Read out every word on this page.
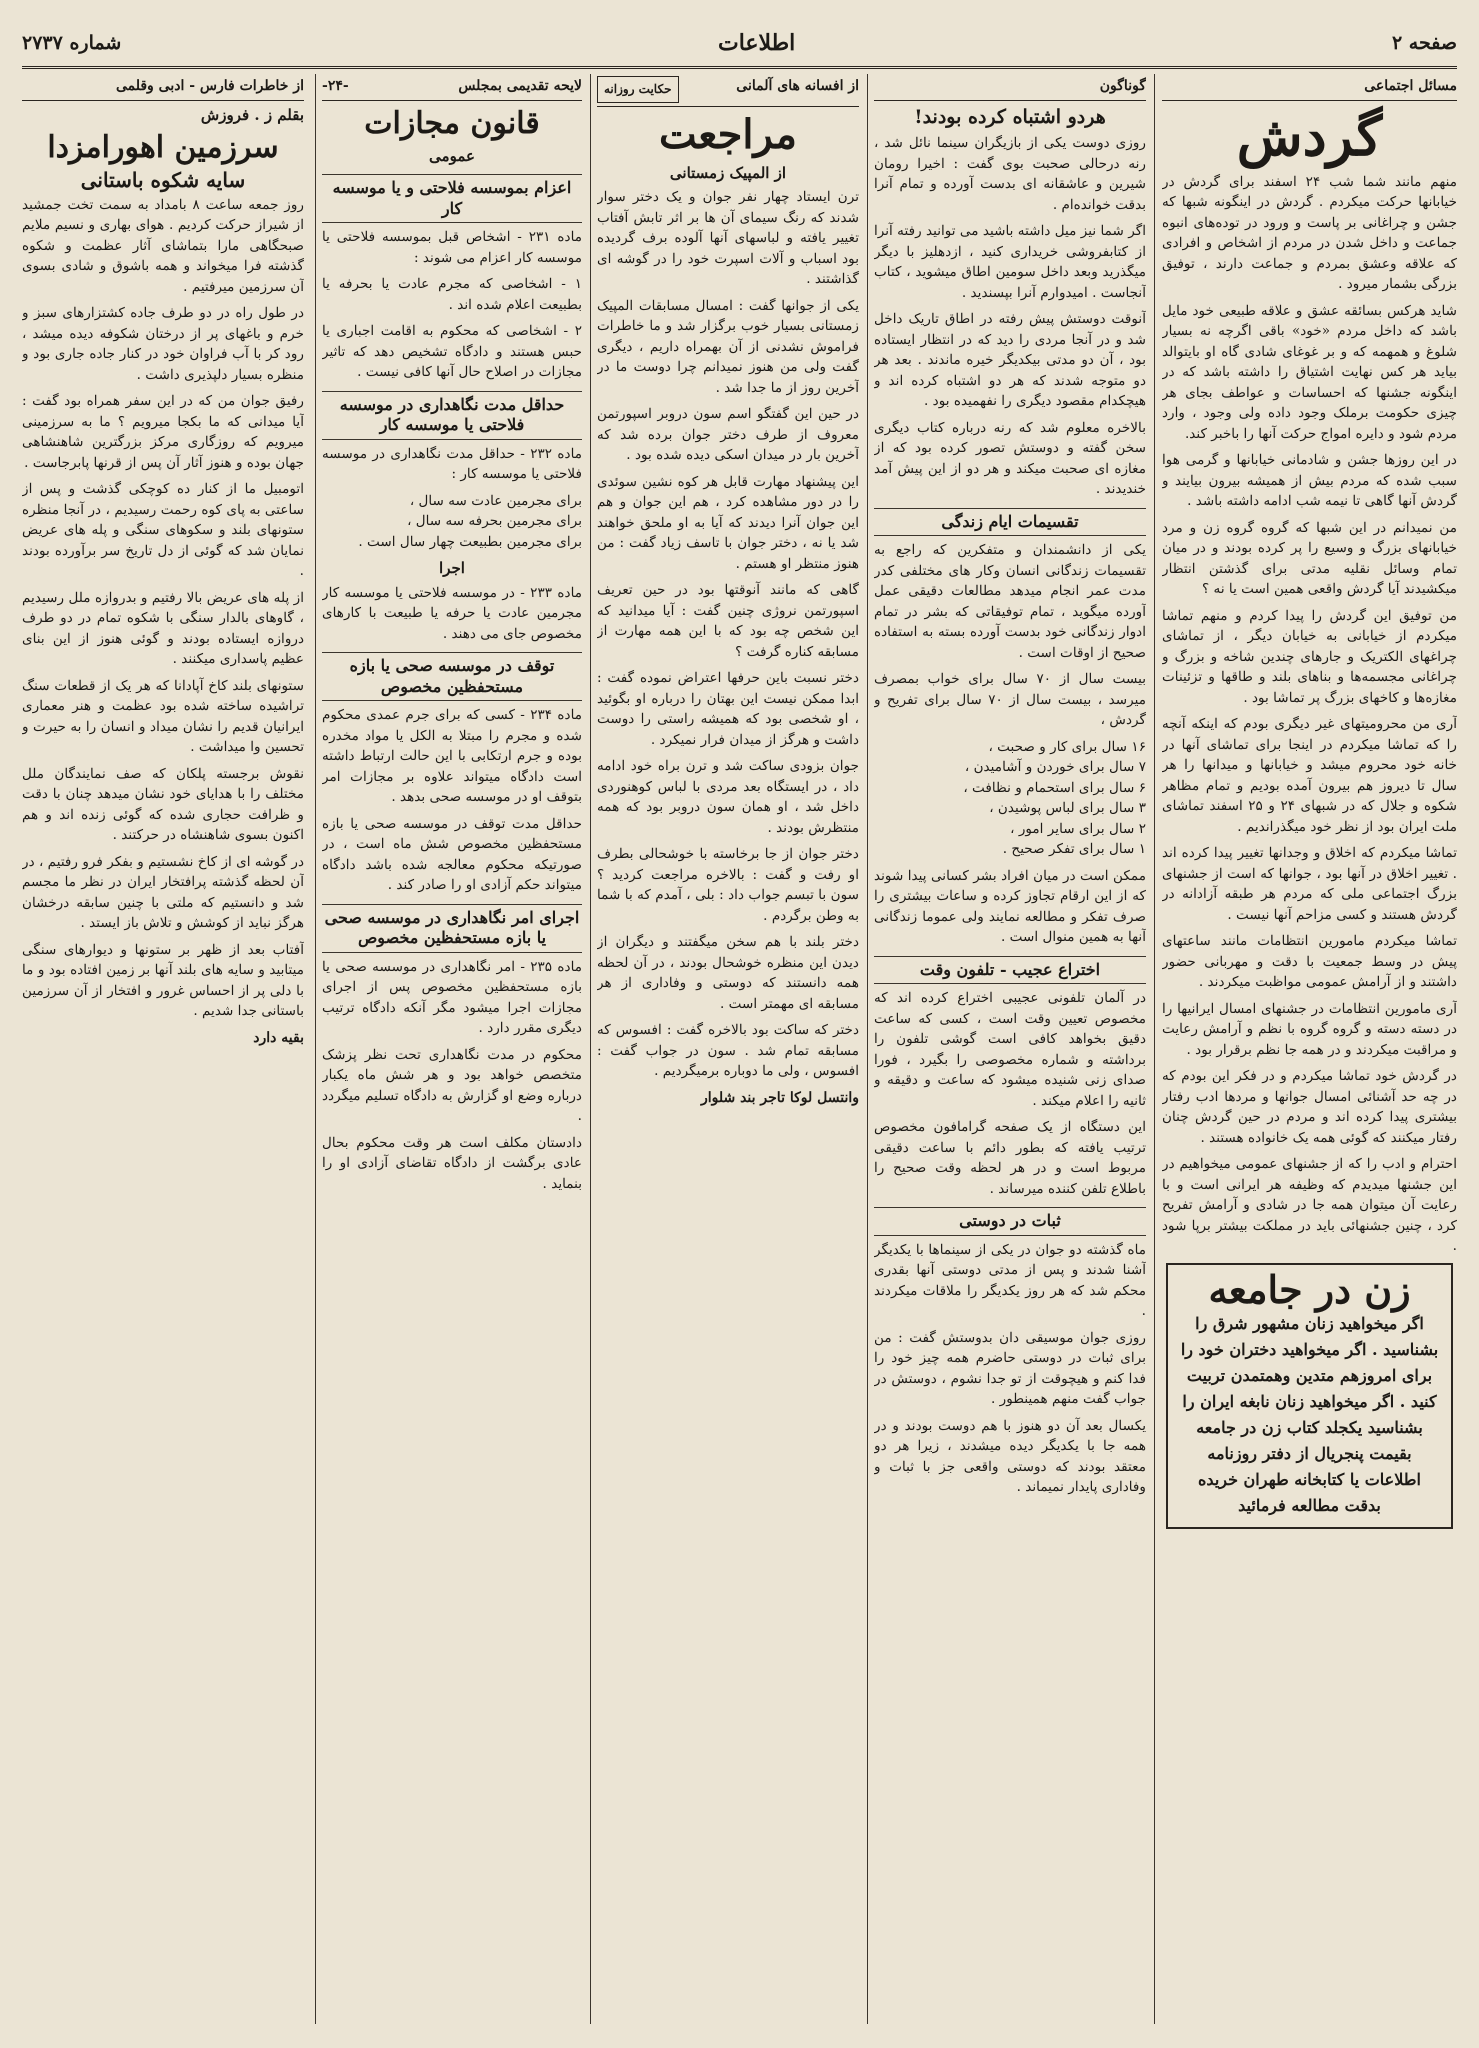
صفحه ۲
اطلاعات
شماره ۲۷۳۷
مسائل اجتماعی
گردش

منهم مانند شما شب ۲۴ اسفند برای گردش در خیابانها حرکت میکردم . گردش در اینگونه شبها که جشن و چراغانی بر پاست و ورود در توده‌های انبوه جماعت و داخل شدن در مردم از اشخاص و افرادی که علاقه وعشق بمردم و جماعت دارند ، توفیق بزرگی بشمار میرود .

شاید هرکس بسائقه عشق و علاقه طبیعی خود مایل باشد که داخل مردم «خود» باقی اگرچه نه بسیار شلوغ و همهمه که و بر غوغای شادی گاه او بایتوالد بیاید هر کس نهایت اشتیاق را داشته باشد که در اینگونه جشنها که احساسات و عواطف بجای هر چیزی حکومت برملک وجود داده ولی وجود ، وارد مردم شود و دایره امواج حرکت آنها را باخبر کند.

در این روزها جشن و شادمانی خیابانها و گرمی هوا سبب شده که مردم بیش از همیشه بیرون بیایند و گردش آنها گاهی تا نیمه شب ادامه داشته باشد .

من نمیدانم در این شبها که گروه گروه زن و مرد خیابانهای بزرگ و وسیع را پر کرده بودند و در میان تمام وسائل نقلیه مدتی برای گذشتن انتظار میکشیدند آیا گردش واقعی همین است یا نه ؟

من توفیق این گردش را پیدا کردم و منهم تماشا میکردم از خیابانی به خیابان دیگر ، از تماشای چراغهای الکتریک و جارهای چندین شاخه و بزرگ و چراغانی مجسمه‌ها و بناهای بلند و طاقها و تزئینات مغازه‌ها و کاخهای بزرگ پر تماشا بود .

آری من محرومیتهای غیر دیگری بودم که اینکه آنچه را که تماشا میکردم در اینجا برای تماشای آنها در خانه خود محروم میشد و خیابانها و میدانها را هر سال تا دیروز هم بیرون آمده بودیم و تمام مظاهر شکوه و جلال که در شبهای ۲۴ و ۲۵ اسفند تماشای ملت ایران بود از نظر خود میگذراندیم .

تماشا میکردم که اخلاق و وجدانها تغییر پیدا کرده اند . تغییر اخلاق در آنها بود ، جوانها که است از جشنهای بزرگ اجتماعی ملی که مردم هر طبقه آزادانه در گردش هستند و کسی مزاحم آنها نیست .

تماشا میکردم مامورین انتظامات مانند ساعتهای پیش در وسط جمعیت با دقت و مهربانی حضور داشتند و از آرامش عمومی مواظبت میکردند .

آری مامورین انتظامات در جشنهای امسال ایرانیها را در دسته دسته و گروه گروه با نظم و آرامش رعایت و مراقبت میکردند و در همه جا نظم برقرار بود .

در گردش خود تماشا میکردم و در فکر این بودم که در چه حد آشنائی امسال جوانها و مردها ادب رفتار بیشتری پیدا کرده اند و مردم در حین گردش چنان رفتار میکنند که گوئی همه یک خانواده هستند .

احترام و ادب را که از جشنهای عمومی میخواهیم در این جشنها میدیدم که وظیفه هر ایرانی است و با رعایت آن میتوان همه جا در شادی و آرامش تفریح کرد ، چنین جشنهائی باید در مملکت بیشتر برپا شود .

زن در جامعه
اگر میخواهید زنان مشهور شرق را بشناسید . اگر میخواهید دختران خود را برای امروزهم متدین وهمتمدن تربیت کنید . اگر میخواهید زنان نابغه ایران را بشناسید یکجلد کتاب زن در جامعه بقیمت پنجریال از دفتر روزنامه اطلاعات یا کتابخانه طهران خریده بدقت مطالعه فرمائید
گوناگون
هردو اشتباه کرده بودند!

روزی دوست یکی از بازیگران سینما نائل شد ، رنه درحالی صحبت بوی گفت : اخیرا رومان شیرین و عاشقانه ای بدست آورده و تمام آنرا بدقت خوانده‌ام .

اگر شما نیز میل داشته باشید می توانید رفته آنرا از کتابفروشی خریداری کنید ، ازدهلیز با دیگر میگذرید وبعد داخل سومین اطاق میشوید ، کتاب آنجاست . امیدوارم آنرا بپسندید .

آنوقت دوستش پیش رفته در اطاق تاریک داخل شد و در آنجا مردی را دید که در انتظار ایستاده بود ، آن دو مدتی بیکدیگر خیره ماندند . بعد هر دو متوجه شدند که هر دو اشتباه کرده اند و هیچکدام مقصود دیگری را نفهمیده بود .

بالاخره معلوم شد که رنه درباره کتاب دیگری سخن گفته و دوستش تصور کرده بود که از مغازه ای صحبت میکند و هر دو از این پیش آمد خندیدند .

تقسیمات ایام زندگی

یکی از دانشمندان و متفکرین که راجع به تقسیمات زندگانی انسان وکار های مختلفی کدر مدت عمر انجام میدهد مطالعات دقیقی عمل آورده میگوید ، تمام توفیقاتی که بشر در تمام ادوار زندگانی خود بدست آورده بسته به استفاده صحیح از اوقات است .

بیست سال از ۷۰ سال برای خواب بمصرف میرسد ، بیست سال از ۷۰ سال برای تفریح و گردش ،

۱۶ سال برای کار و صحبت ،

۷ سال برای خوردن و آشامیدن ،

۶ سال برای استحمام و نظافت ،

۳ سال برای لباس پوشیدن ،

۲ سال برای سایر امور ،

۱ سال برای تفکر صحیح .

ممکن است در میان افراد بشر کسانی پیدا شوند که از این ارقام تجاوز کرده و ساعات بیشتری را صرف تفکر و مطالعه نمایند ولی عموما زندگانی آنها به همین منوال است .

اختراع عجیب - تلفون وقت

در آلمان تلفونی عجیبی اختراع کرده اند که مخصوص تعیین وقت است ، کسی که ساعت دقیق بخواهد کافی است گوشی تلفون را برداشته و شماره مخصوصی را بگیرد ، فورا صدای زنی شنیده میشود که ساعت و دقیقه و ثانیه را اعلام میکند .

این دستگاه از یک صفحه گرامافون مخصوص ترتیب یافته که بطور دائم با ساعت دقیقی مربوط است و در هر لحظه وقت صحیح را باطلاع تلفن کننده میرساند .

ثبات در دوستی

ماه گذشته دو جوان در یکی از سینماها با یکدیگر آشنا شدند و پس از مدتی دوستی آنها بقدری محکم شد که هر روز یکدیگر را ملاقات میکردند .

روزی جوان موسیقی دان بدوستش گفت : من برای ثبات در دوستی حاضرم همه چیز خود را فدا کنم و هیچوقت از تو جدا نشوم ، دوستش در جواب گفت منهم همینطور .

یکسال بعد آن دو هنوز با هم دوست بودند و در همه جا با یکدیگر دیده میشدند ، زیرا هر دو معتقد بودند که دوستی واقعی جز با ثبات و وفاداری پایدار نمیماند .

از افسانه های آلمانی
حکایت روزانه
مراجعت
از المپیک زمستانی

ترن ایستاد چهار نفر جوان و یک دختر سوار شدند که رنگ سیمای آن ها بر اثر تابش آفتاب تغییر یافته و لباسهای آنها آلوده برف گردیده بود اسباب و آلات اسپرت خود را در گوشه ای گذاشتند .

یکی از جوانها گفت : امسال مسابقات المپیک زمستانی بسیار خوب برگزار شد و ما خاطرات فراموش نشدنی از آن بهمراه داریم ، دیگری گفت ولی من هنوز نمیدانم چرا دوست ما در آخرین روز از ما جدا شد .

در حین این گفتگو اسم سون دروبر اسپورتمن معروف از طرف دختر جوان برده شد که آخرین بار در میدان اسکی دیده شده بود .

این پیشنهاد مهارت قابل هر کوه نشین سوئدی را در دور مشاهده کرد ، هم این جوان و هم این جوان آنرا دیدند که آیا به او ملحق خواهند شد یا نه ، دختر جوان با تاسف زیاد گفت : من هنوز منتظر او هستم .

گاهی که مانند آنوقتها بود در حین تعریف اسپورتمن نروژی چنین گفت : آیا میدانید که این شخص چه بود که با این همه مهارت از مسابقه کناره گرفت ؟

دختر نسبت باین حرفها اعتراض نموده گفت : ابدا ممکن نیست این بهتان را درباره او بگوئید ، او شخصی بود که همیشه راستی را دوست داشت و هرگز از میدان فرار نمیکرد .

جوان بزودی ساکت شد و ترن براه خود ادامه داد ، در ایستگاه بعد مردی با لباس کوهنوردی داخل شد ، او همان سون دروبر بود که همه منتظرش بودند .

دختر جوان از جا برخاسته با خوشحالی بطرف او رفت و گفت : بالاخره مراجعت کردید ؟ سون با تبسم جواب داد : بلی ، آمدم که با شما به وطن برگردم .

دختر بلند با هم سخن میگفتند و دیگران از دیدن این منظره خوشحال بودند ، در آن لحظه همه دانستند که دوستی و وفاداری از هر مسابقه ای مهمتر است .

دختر که ساکت بود بالاخره گفت : افسوس که مسابقه تمام شد . سون در جواب گفت : افسوس ، ولی ما دوباره برمیگردیم .

وانتسل لوکا تاجر بند شلوار
لایحه تقدیمی بمجلس
-۲۴-
قانون مجازات
عمومی
اعزام بموسسه فلاحتی و یا موسسه کار

ماده ۲۳۱ - اشخاص قبل بموسسه فلاحتی یا موسسه کار اعزام می شوند :

۱ - اشخاصی که مجرم عادت یا بحرفه یا بطبیعت اعلام شده اند .

۲ - اشخاصی که محکوم به اقامت اجباری یا حبس هستند و دادگاه تشخیص دهد که تاثیر مجازات در اصلاح حال آنها کافی نیست .

حداقل مدت نگاهداری در موسسه فلاحتی یا موسسه کار

ماده ۲۳۲ - حداقل مدت نگاهداری در موسسه فلاحتی یا موسسه کار :

برای مجرمین عادت سه سال ،

برای مجرمین بحرفه سه سال ،

برای مجرمین بطبیعت چهار سال است .

اجرا

ماده ۲۳۳ - در موسسه فلاحتی یا موسسه کار مجرمین عادت یا حرفه یا طبیعت با کارهای مخصوص جای می دهند .

توقف در موسسه صحی یا بازه مستحفظین مخصوص

ماده ۲۳۴ - کسی که برای جرم عمدی محکوم شده و مجرم را مبتلا به الکل یا مواد مخدره بوده و جرم ارتکابی با این حالت ارتباط داشته است دادگاه میتواند علاوه بر مجازات امر بتوقف او در موسسه صحی بدهد .

حداقل مدت توقف در موسسه صحی یا بازه مستحفظین مخصوص شش ماه است ، در صورتیکه محکوم معالجه شده باشد دادگاه میتواند حکم آزادی او را صادر کند .

اجرای امر نگاهداری در موسسه صحی یا بازه مستحفظین مخصوص

ماده ۲۳۵ - امر نگاهداری در موسسه صحی یا بازه مستحفظین مخصوص پس از اجرای مجازات اجرا میشود مگر آنکه دادگاه ترتیب دیگری مقرر دارد .

محکوم در مدت نگاهداری تحت نظر پزشک متخصص خواهد بود و هر شش ماه یکبار درباره وضع او گزارش به دادگاه تسلیم میگردد .

دادستان مکلف است هر وقت محکوم بحال عادی برگشت از دادگاه تقاضای آزادی او را بنماید .

از خاطرات فارس - ادبی وقلمی
بقلم ز . فروزش
سرزمین اهورامزدا
سایه شکوه باستانی

روز جمعه ساعت ۸ بامداد به سمت تخت جمشید از شیراز حرکت کردیم . هوای بهاری و نسیم ملایم صبحگاهی مارا بتماشای آثار عظمت و شکوه گذشته فرا میخواند و همه باشوق و شادی بسوی آن سرزمین میرفتیم .

در طول راه در دو طرف جاده کشتزارهای سبز و خرم و باغهای پر از درختان شکوفه دیده میشد ، رود کر با آب فراوان خود در کنار جاده جاری بود و منظره بسیار دلپذیری داشت .

رفیق جوان من که در این سفر همراه بود گفت : آیا میدانی که ما بکجا میرویم ؟ ما به سرزمینی میرویم که روزگاری مرکز بزرگترین شاهنشاهی جهان بوده و هنوز آثار آن پس از قرنها پابرجاست .

اتومبیل ما از کنار ده کوچکی گذشت و پس از ساعتی به پای کوه رحمت رسیدیم ، در آنجا منظره ستونهای بلند و سکوهای سنگی و پله های عریض نمایان شد که گوئی از دل تاریخ سر برآورده بودند .

از پله های عریض بالا رفتیم و بدروازه ملل رسیدیم ، گاوهای بالدار سنگی با شکوه تمام در دو طرف دروازه ایستاده بودند و گوئی هنوز از این بنای عظیم پاسداری میکنند .

ستونهای بلند کاخ آپادانا که هر یک از قطعات سنگ تراشیده ساخته شده بود عظمت و هنر معماری ایرانیان قدیم را نشان میداد و انسان را به حیرت و تحسین وا میداشت .

نقوش برجسته پلکان که صف نمایندگان ملل مختلف را با هدایای خود نشان میدهد چنان با دقت و ظرافت حجاری شده که گوئی زنده اند و هم اکنون بسوی شاهنشاه در حرکتند .

در گوشه ای از کاخ نشستیم و بفکر فرو رفتیم ، در آن لحظه گذشته پرافتخار ایران در نظر ما مجسم شد و دانستیم که ملتی با چنین سابقه درخشان هرگز نباید از کوشش و تلاش باز ایستد .

آفتاب بعد از ظهر بر ستونها و دیوارهای سنگی میتابید و سایه های بلند آنها بر زمین افتاده بود و ما با دلی پر از احساس غرور و افتخار از آن سرزمین باستانی جدا شدیم .

بقیه دارد
